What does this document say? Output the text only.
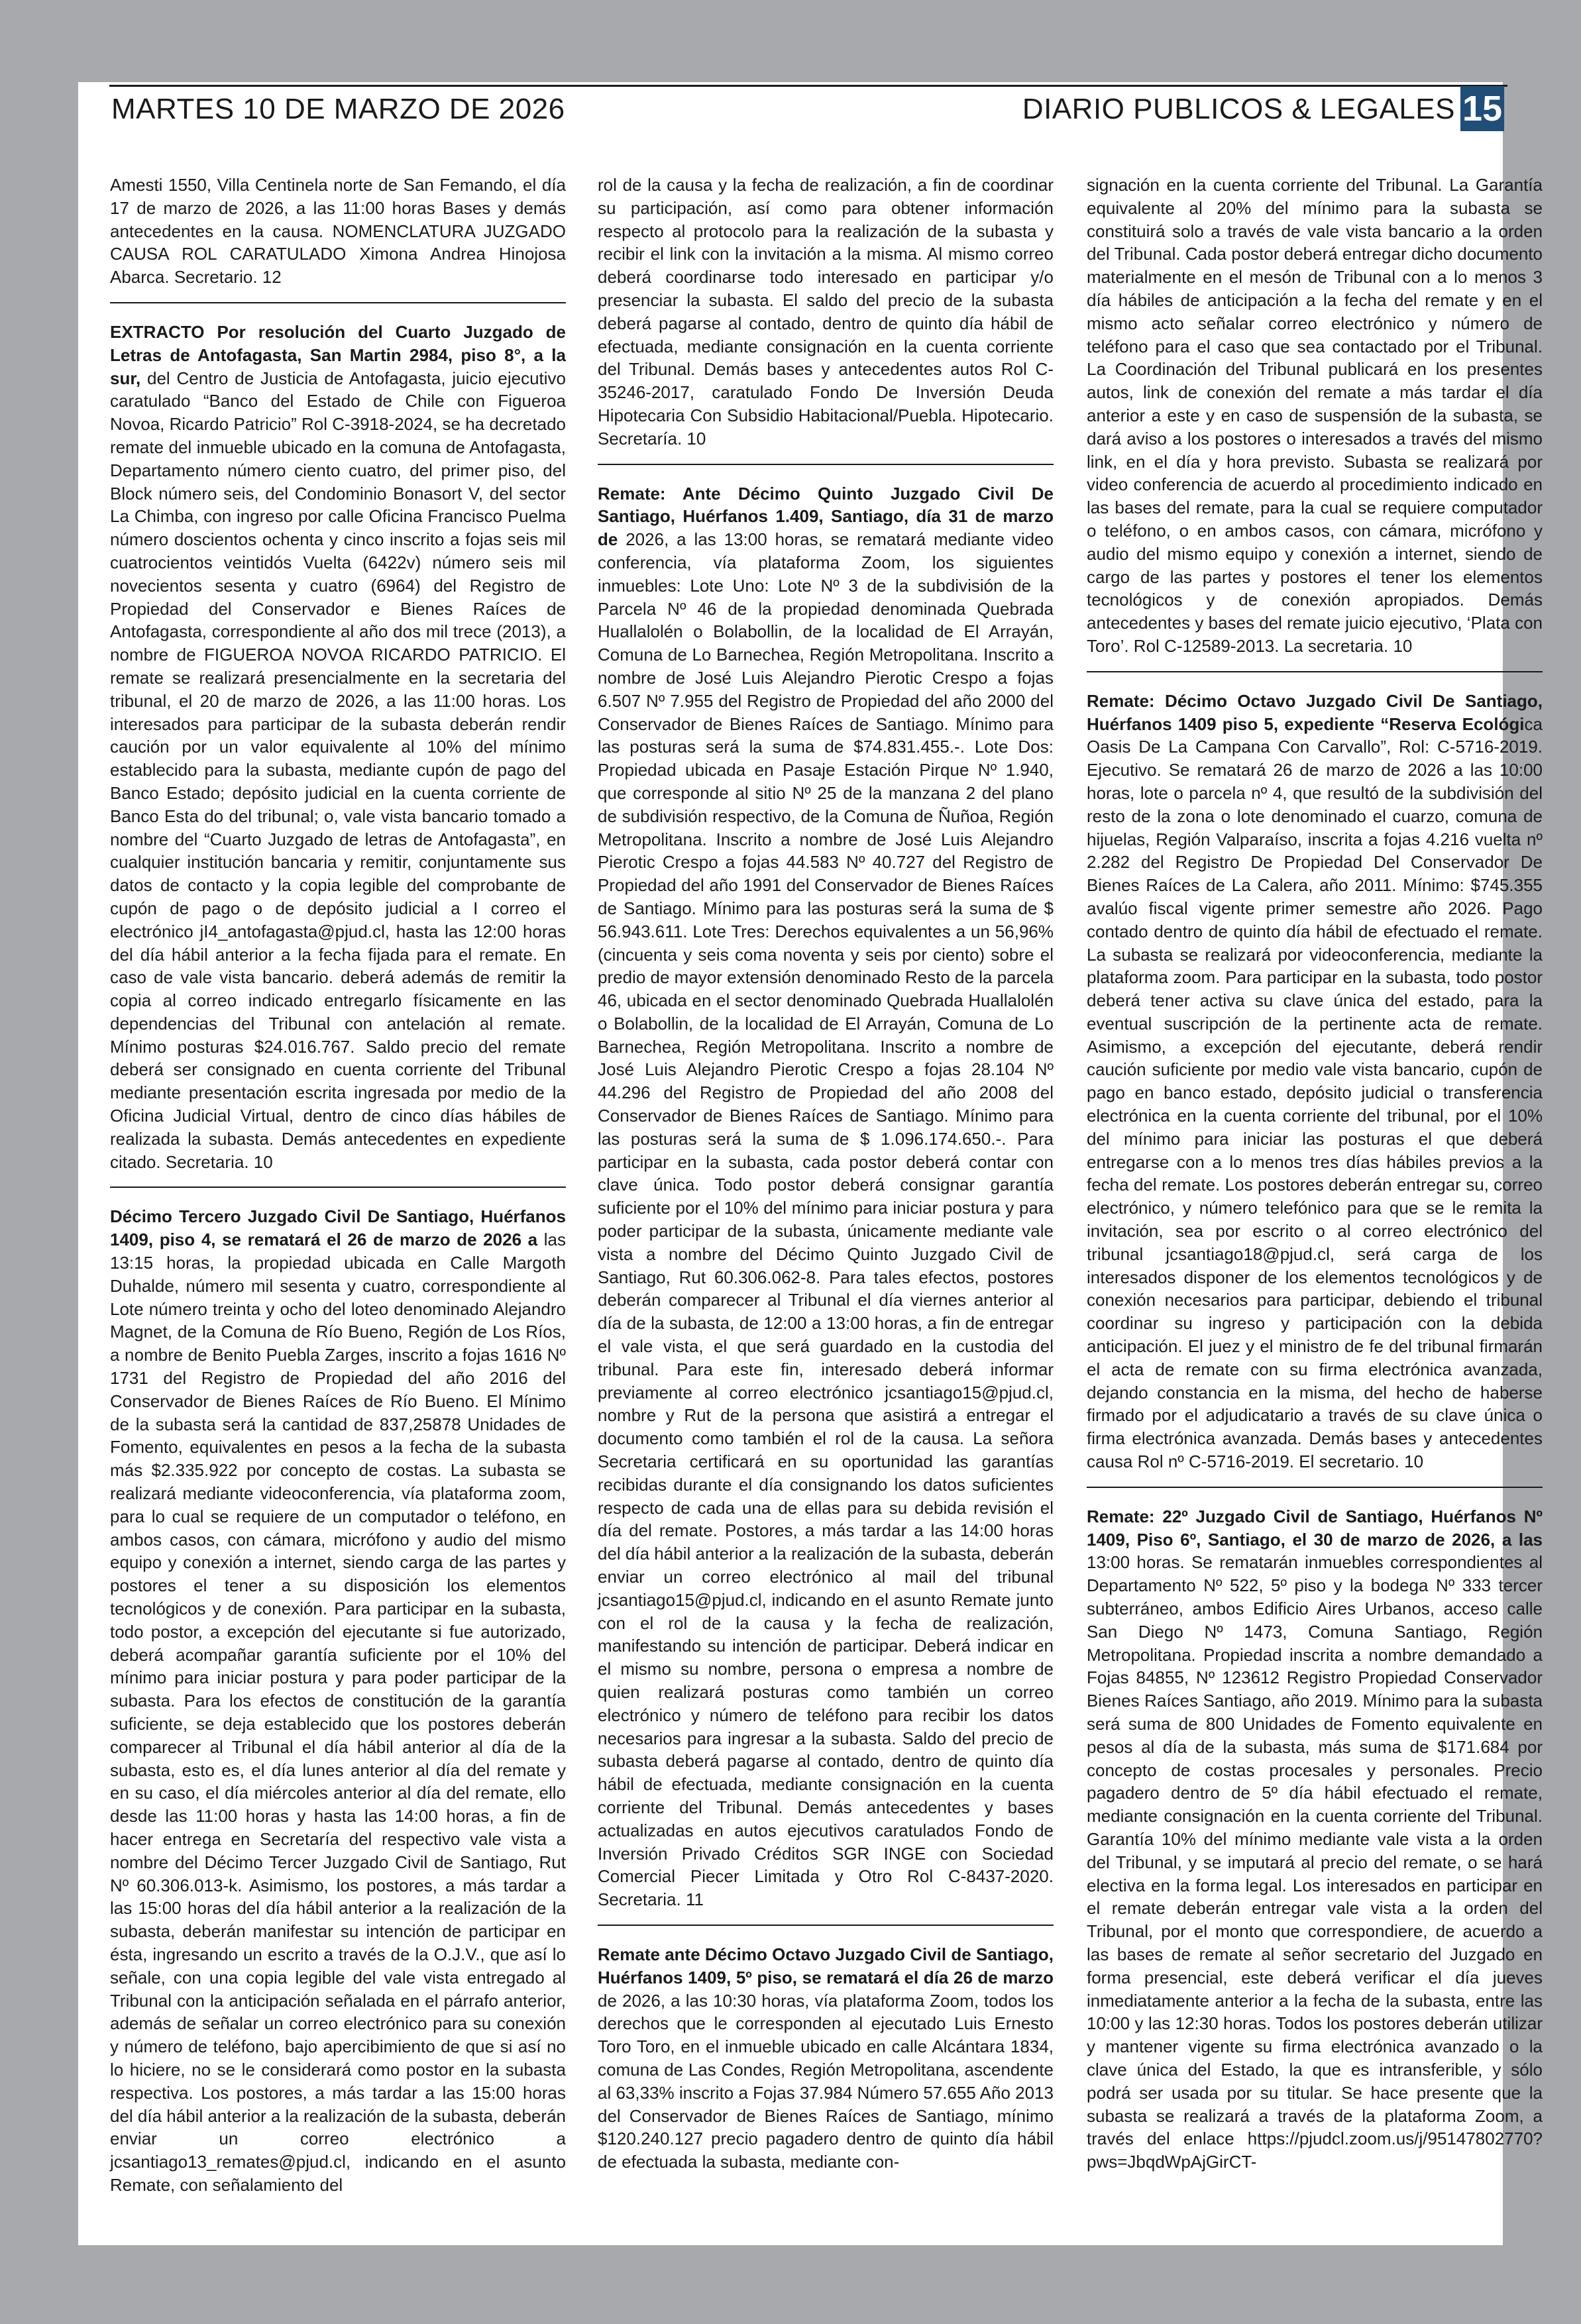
MARTES 10 DE MARZO DE 2026	DIARIO PUBLICOS & LEGALES 15

Amesti 1550, Villa Centinela norte de San Femando, el día 17 de marzo de 2026, a las 11:00 horas Bases y demás antecedentes en la causa. NOMENCLATURA JUZGADO CAUSA ROL CARATULADO Ximona Andrea Hinojosa Abarca. Secretario. 12

EXTRACTO Por resolución del Cuarto Juzgado de Letras de Antofagasta, San Martin 2984, piso 8°, a la sur, del Centro de Justicia de Antofagasta, juicio ejecutivo caratulado “Banco del Estado de Chile con Figueroa Novoa, Ricardo Patricio” Rol C-3918-2024, se ha decretado remate del inmueble ubicado en la comuna de Antofagasta, Departamento número ciento cuatro, del primer piso, del Block número seis, del Condominio Bonasort V, del sector La Chimba, con ingreso por calle Oficina Francisco Puelma número doscientos ochenta y cinco inscrito a fojas seis mil cuatrocientos veintidós Vuelta (6422v) número seis mil novecientos sesenta y cuatro (6964) del Registro de Propiedad del Conservador e Bienes Raíces de Antofagasta, correspondiente al año dos mil trece (2013), a nombre de FIGUEROA NOVOA RICARDO PATRICIO. El remate se realizará presencialmente en la secretaria del tribunal, el 20 de marzo de 2026, a las 11:00 horas. Los interesados para participar de la subasta deberán rendir caución por un valor equivalente al 10% del mínimo establecido para la subasta, mediante cupón de pago del Banco Estado; depósito judicial en la cuenta corriente de Banco Esta do del tribunal; o, vale vista bancario tomado a nombre del “Cuarto Juzgado de letras de Antofagasta”, en cualquier institución bancaria y remitir, conjuntamente sus datos de contacto y la copia legible del comprobante de cupón de pago o de depósito judicial a I correo el electrónico jI4_antofagasta@pjud.cl, hasta las 12:00 horas del día hábil anterior a la fecha fijada para el remate. En caso de vale vista bancario. deberá además de remitir la copia al correo indicado entregarlo físicamente en las dependencias del Tribunal con antelación al remate. Mínimo posturas $24.016.767. Saldo precio del remate deberá ser consignado en cuenta corriente del Tribunal mediante presentación escrita ingresada por medio de la Oficina Judicial Virtual, dentro de cinco días hábiles de realizada la subasta. Demás antecedentes en expediente citado. Secretaria. 10

Décimo Tercero Juzgado Civil De Santiago, Huérfanos 1409, piso 4, se rematará el 26 de marzo de 2026 a las 13:15 horas, la propiedad ubicada en Calle Margoth Duhalde, número mil sesenta y cuatro, correspondiente al Lote número treinta y ocho del loteo denominado Alejandro Magnet, de la Comuna de Río Bueno, Región de Los Ríos, a nombre de Benito Puebla Zarges, inscrito a fojas 1616 Nº 1731 del Registro de Propiedad del año 2016 del Conservador de Bienes Raíces de Río Bueno. El Mínimo de la subasta será la cantidad de 837,25878 Unidades de Fomento, equivalentes en pesos a la fecha de la subasta más $2.335.922 por concepto de costas. La subasta se realizará mediante videoconferencia, vía plataforma zoom, para lo cual se requiere de un computador o teléfono, en ambos casos, con cámara, micrófono y audio del mismo equipo y conexión a internet, siendo carga de las partes y postores el tener a su disposición los elementos tecnológicos y de conexión. Para participar en la subasta, todo postor, a excepción del ejecutante si fue autorizado, deberá acompañar garantía suficiente por el 10% del mínimo para iniciar postura y para poder participar de la subasta. Para los efectos de constitución de la garantía suficiente, se deja establecido que los postores deberán comparecer al Tribunal el día hábil anterior al día de la subasta, esto es, el día lunes anterior al día del remate y en su caso, el día miércoles anterior al día del remate, ello desde las 11:00 horas y hasta las 14:00 horas, a fin de hacer entrega en Secretaría del respectivo vale vista a nombre del Décimo Tercer Juzgado Civil de Santiago, Rut Nº 60.306.013-k. Asimismo, los postores, a más tardar a las 15:00 horas del día hábil anterior a la realización de la subasta, deberán manifestar su intención de participar en ésta, ingresando un escrito a través de la O.J.V., que así lo señale, con una copia legible del vale vista entregado al Tribunal con la anticipación señalada en el párrafo anterior, además de señalar un correo electrónico para su conexión y número de teléfono, bajo apercibimiento de que si así no lo hiciere, no se le considerará como postor en la subasta respectiva. Los postores, a más tardar a las 15:00 horas del día hábil anterior a la realización de la subasta, deberán enviar un correo electrónico a jcsantiago13_remates@pjud.cl, indicando en el asunto Remate, con señalamiento del

rol de la causa y la fecha de realización, a fin de coordinar su participación, así como para obtener información respecto al protocolo para la realización de la subasta y recibir el link con la invitación a la misma. Al mismo correo deberá coordinarse todo interesado en participar y/o presenciar la subasta. El saldo del precio de la subasta deberá pagarse al contado, dentro de quinto día hábil de efectuada, mediante consignación en la cuenta corriente del Tribunal. Demás bases y antecedentes autos Rol C-35246-2017, caratulado Fondo De Inversión Deuda Hipotecaria Con Subsidio Habitacional/Puebla. Hipotecario. Secretaría. 10

Remate: Ante Décimo Quinto Juzgado Civil De Santiago, Huérfanos 1.409, Santiago, día 31 de marzo de 2026, a las 13:00 horas, se rematará mediante video conferencia, vía plataforma Zoom, los siguientes inmuebles: Lote Uno: Lote Nº 3 de la subdivisión de la Parcela Nº 46 de la propiedad denominada Quebrada Huallalolén o Bolabollin, de la localidad de El Arrayán, Comuna de Lo Barnechea, Región Metropolitana. Inscrito a nombre de José Luis Alejandro Pierotic Crespo a fojas 6.507 Nº 7.955 del Registro de Propiedad del año 2000 del Conservador de Bienes Raíces de Santiago. Mínimo para las posturas será la suma de $74.831.455.-. Lote Dos: Propiedad ubicada en Pasaje Estación Pirque Nº 1.940, que corresponde al sitio Nº 25 de la manzana 2 del plano de subdivisión respectivo, de la Comuna de Ñuñoa, Región Metropolitana. Inscrito a nombre de José Luis Alejandro Pierotic Crespo a fojas 44.583 Nº 40.727 del Registro de Propiedad del año 1991 del Conservador de Bienes Raíces de Santiago. Mínimo para las posturas será la suma de $ 56.943.611. Lote Tres: Derechos equivalentes a un 56,96% (cincuenta y seis coma noventa y seis por ciento) sobre el predio de mayor extensión denominado Resto de la parcela 46, ubicada en el sector denominado Quebrada Huallalolén o Bolabollin, de la localidad de El Arrayán, Comuna de Lo Barnechea, Región Metropolitana. Inscrito a nombre de José Luis Alejandro Pierotic Crespo a fojas 28.104 Nº 44.296 del Registro de Propiedad del año 2008 del Conservador de Bienes Raíces de Santiago. Mínimo para las posturas será la suma de $ 1.096.174.650.-. Para participar en la subasta, cada postor deberá contar con clave única. Todo postor deberá consignar garantía suficiente por el 10% del mínimo para iniciar postura y para poder participar de la subasta, únicamente mediante vale vista a nombre del Décimo Quinto Juzgado Civil de Santiago, Rut 60.306.062-8. Para tales efectos, postores deberán comparecer al Tribunal el día viernes anterior al día de la subasta, de 12:00 a 13:00 horas, a fin de entregar el vale vista, el que será guardado en la custodia del tribunal. Para este fin, interesado deberá informar previamente al correo electrónico jcsantiago15@pjud.cl, nombre y Rut de la persona que asistirá a entregar el documento como también el rol de la causa. La señora Secretaria certificará en su oportunidad las garantías recibidas durante el día consignando los datos suficientes respecto de cada una de ellas para su debida revisión el día del remate. Postores, a más tardar a las 14:00 horas del día hábil anterior a la realización de la subasta, deberán enviar un correo electrónico al mail del tribunal jcsantiago15@pjud.cl, indicando en el asunto Remate junto con el rol de la causa y la fecha de realización, manifestando su intención de participar. Deberá indicar en el mismo su nombre, persona o empresa a nombre de quien realizará posturas como también un correo electrónico y número de teléfono para recibir los datos necesarios para ingresar a la subasta. Saldo del precio de subasta deberá pagarse al contado, dentro de quinto día hábil de efectuada, mediante consignación en la cuenta corriente del Tribunal. Demás antecedentes y bases actualizadas en autos ejecutivos caratulados Fondo de Inversión Privado Créditos SGR INGE con Sociedad Comercial Piecer Limitada y Otro Rol C-8437-2020. Secretaria. 11

Remate ante Décimo Octavo Juzgado Civil de Santiago, Huérfanos 1409, 5º piso, se rematará el día 26 de marzo de 2026, a las 10:30 horas, vía plataforma Zoom, todos los derechos que le corresponden al ejecutado Luis Ernesto Toro Toro, en el inmueble ubicado en calle Alcántara 1834, comuna de Las Condes, Región Metropolitana, ascendente al 63,33% inscrito a Fojas 37.984 Número 57.655 Año 2013 del Conservador de Bienes Raíces de Santiago, mínimo $120.240.127 precio pagadero dentro de quinto día hábil de efectuada la subasta, mediante con-

signación en la cuenta corriente del Tribunal. La Garantía equivalente al 20% del mínimo para la subasta se constituirá solo a través de vale vista bancario a la orden del Tribunal. Cada postor deberá entregar dicho documento materialmente en el mesón de Tribunal con a lo menos 3 día hábiles de anticipación a la fecha del remate y en el mismo acto señalar correo electrónico y número de teléfono para el caso que sea contactado por el Tribunal. La Coordinación del Tribunal publicará en los presentes autos, link de conexión del remate a más tardar el día anterior a este y en caso de suspensión de la subasta, se dará aviso a los postores o interesados a través del mismo link, en el día y hora previsto. Subasta se realizará por video conferencia de acuerdo al procedimiento indicado en las bases del remate, para la cual se requiere computador o teléfono, o en ambos casos, con cámara, micrófono y audio del mismo equipo y conexión a internet, siendo de cargo de las partes y postores el tener los elementos tecnológicos y de conexión apropiados. Demás antecedentes y bases del remate juicio ejecutivo, ‘Plata con Toro’. Rol C-12589-2013. La secretaria. 10

Remate: Décimo Octavo Juzgado Civil De Santiago, Huérfanos 1409 piso 5, expediente “Reserva Ecológica Oasis De La Campana Con Carvallo”, Rol: C-5716-2019. Ejecutivo. Se rematará 26 de marzo de 2026 a las 10:00 horas, lote o parcela nº 4, que resultó de la subdivisión del resto de la zona o lote denominado el cuarzo, comuna de hijuelas, Región Valparaíso, inscrita a fojas 4.216 vuelta nº 2.282 del Registro De Propiedad Del Conservador De Bienes Raíces de La Calera, año 2011. Mínimo: $745.355 avalúo fiscal vigente primer semestre año 2026. Pago contado dentro de quinto día hábil de efectuado el remate. La subasta se realizará por videoconferencia, mediante la plataforma zoom. Para participar en la subasta, todo postor deberá tener activa su clave única del estado, para la eventual suscripción de la pertinente acta de remate. Asimismo, a excepción del ejecutante, deberá rendir caución suficiente por medio vale vista bancario, cupón de pago en banco estado, depósito judicial o transferencia electrónica en la cuenta corriente del tribunal, por el 10% del mínimo para iniciar las posturas el que deberá entregarse con a lo menos tres días hábiles previos a la fecha del remate. Los postores deberán entregar su, correo electrónico, y número telefónico para que se le remita la invitación, sea por escrito o al correo electrónico del tribunal jcsantiago18@pjud.cl, será carga de los interesados disponer de los elementos tecnológicos y de conexión necesarios para participar, debiendo el tribunal coordinar su ingreso y participación con la debida anticipación. El juez y el ministro de fe del tribunal firmarán el acta de remate con su firma electrónica avanzada, dejando constancia en la misma, del hecho de haberse firmado por el adjudicatario a través de su clave única o firma electrónica avanzada. Demás bases y antecedentes causa Rol nº C-5716-2019. El secretario. 10

Remate: 22º Juzgado Civil de Santiago, Huérfanos Nº 1409, Piso 6º, Santiago, el 30 de marzo de 2026, a las 13:00 horas. Se rematarán inmuebles correspondientes al Departamento Nº 522, 5º piso y la bodega Nº 333 tercer subterráneo, ambos Edificio Aires Urbanos, acceso calle San Diego Nº 1473, Comuna Santiago, Región Metropolitana. Propiedad inscrita a nombre demandado a Fojas 84855, Nº 123612 Registro Propiedad Conservador Bienes Raíces Santiago, año 2019. Mínimo para la subasta será suma de 800 Unidades de Fomento equivalente en pesos al día de la subasta, más suma de $171.684 por concepto de costas procesales y personales. Precio pagadero dentro de 5º día hábil efectuado el remate, mediante consignación en la cuenta corriente del Tribunal. Garantía 10% del mínimo mediante vale vista a la orden del Tribunal, y se imputará al precio del remate, o se hará electiva en la forma legal. Los interesados en participar en el remate deberán entregar vale vista a la orden del Tribunal, por el monto que correspondiere, de acuerdo a las bases de remate al señor secretario del Juzgado en forma presencial, este deberá verificar el día jueves inmediatamente anterior a la fecha de la subasta, entre las 10:00 y las 12:30 horas. Todos los postores deberán utilizar y mantener vigente su firma electrónica avanzado o la clave única del Estado, la que es intransferible, y sólo podrá ser usada por su titular. Se hace presente que la subasta se realizará a través de la plataforma Zoom, a través del enlace https://pjudcl.zoom.us/j/95147802770?pws=JbqdWpAjGirCT-
